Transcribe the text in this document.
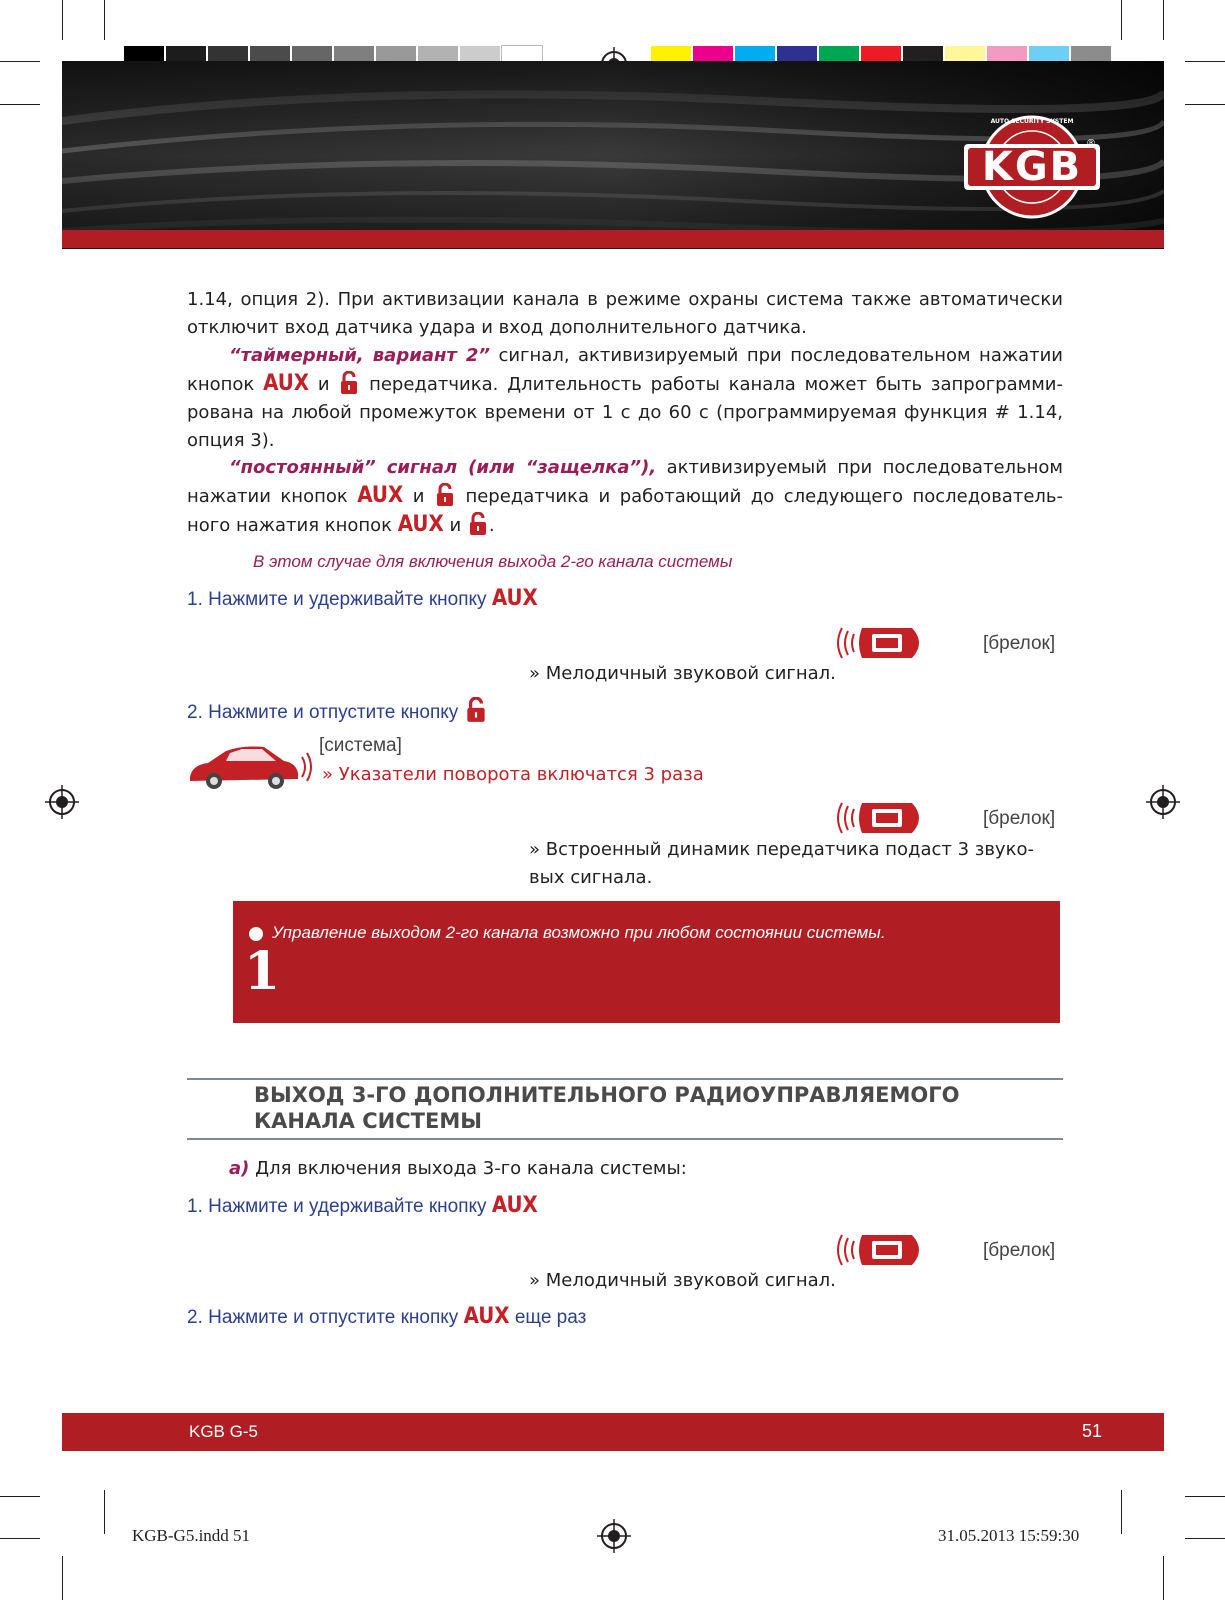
KGB
AUTO SECURITY SYSTEM
®
1.14, опция 2). При активизации канала в режиме охраны система также автоматически отключит вход датчика удара и вход дополнительного датчика.
“таймерный, вариант 2” сигнал, активизируемый при последовательном нажатии кнопок AUX и  передатчика. Длительность работы канала может быть запрограмми-рована на любой промежуток времени от 1 с до 60 с (программируемая функция # 1.14, опция 3).
“постоянный” сигнал (или “защелка”), активизируемый при последовательном нажатии кнопок AUX и  передатчика и работающий до следующего последователь-ного нажатия кнопок AUX и .
В этом случае для включения выхода 2-го канала системы
1. Нажмите и удерживайте кнопку AUX
[брелок]
» Мелодичный звуковой сигнал.
2. Нажмите и отпустите кнопку
[система]
» Указатели поворота включатся 3 раза
[брелок]
» Встроенный динамик передатчика подаст 3 звуко-
вых сигнала.
1
Управление выходом 2-го канала возможно при любом состоянии системы.
ВЫХОД 3-ГО ДОПОЛНИТЕЛЬНОГО РАДИОУПРАВЛЯЕМОГО
КАНАЛА СИСТЕМЫ
а) Для включения выхода 3-го канала системы:
1. Нажмите и удерживайте кнопку AUX
[брелок]
» Мелодичный звуковой сигнал.
2. Нажмите и отпустите кнопку AUX еще раз
KGB G-5	51
KGB-G5.indd 51	31.05.2013 15:59:30
